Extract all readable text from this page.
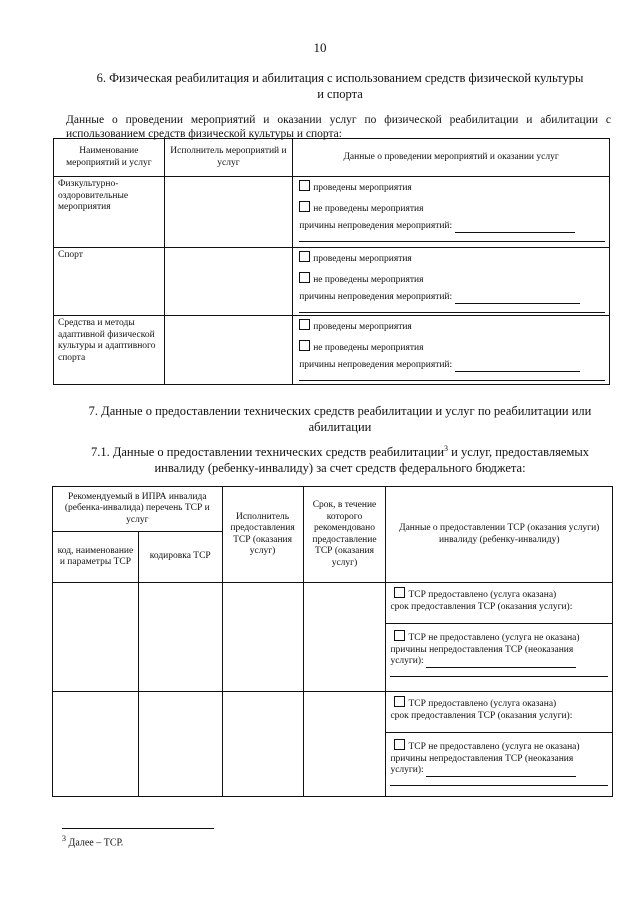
10
6. Физическая реабилитация и абилитация с использованием средств физической культуры
и спорта
Данные о проведении мероприятий и оказании услуг по физической реабилитации и абилитации с
использованием средств физической культуры и спорта:
Наименование мероприятий и услуг	Исполнитель мероприятий и услуг	Данные о проведении мероприятий и оказании услуг
Физкультурно-оздоровительные мероприятия		проведены мероприятия
не проведены мероприятия
причины непроведения мероприятий:

Спорт		проведены мероприятия
не проведены мероприятия
причины непроведения мероприятий:

Средства и методы адаптивной физической культуры и адаптивного спорта		проведены мероприятия
не проведены мероприятия
причины непроведения мероприятий:
7. Данные о предоставлении технических средств реабилитации и услуг по реабилитации или
абилитации
7.1. Данные о предоставлении технических средств реабилитации$^3$ и услуг, предоставляемых
инвалиду (ребенку-инвалиду) за счет средств федерального бюджета:
Рекомендуемый в ИПРА инвалида (ребенка-инвалида) перечень ТСР и услуг		Исполнитель предоставления ТСР (оказания услуг)	Срок, в течение которого рекомендовано предоставление ТСР (оказания услуг)	Данные о предоставлении ТСР (оказания услуги) инвалиду (ребенку-инвалиду)
код, наименование и параметры ТСР	кодировка ТСР			

				ТСР предоставлено (услуга оказана)
срок предоставления ТСР (оказания услуги):
ТСР не предоставлено (услуга не оказана)
причины непредоставления ТСР (неоказания услуги):

				ТСР предоставлено (услуга оказана)
срок предоставления ТСР (оказания услуги):
ТСР не предоставлено (услуга не оказана)
причины непредоставления ТСР (неоказания услуги):
$^3$ Далее – ТСР.
